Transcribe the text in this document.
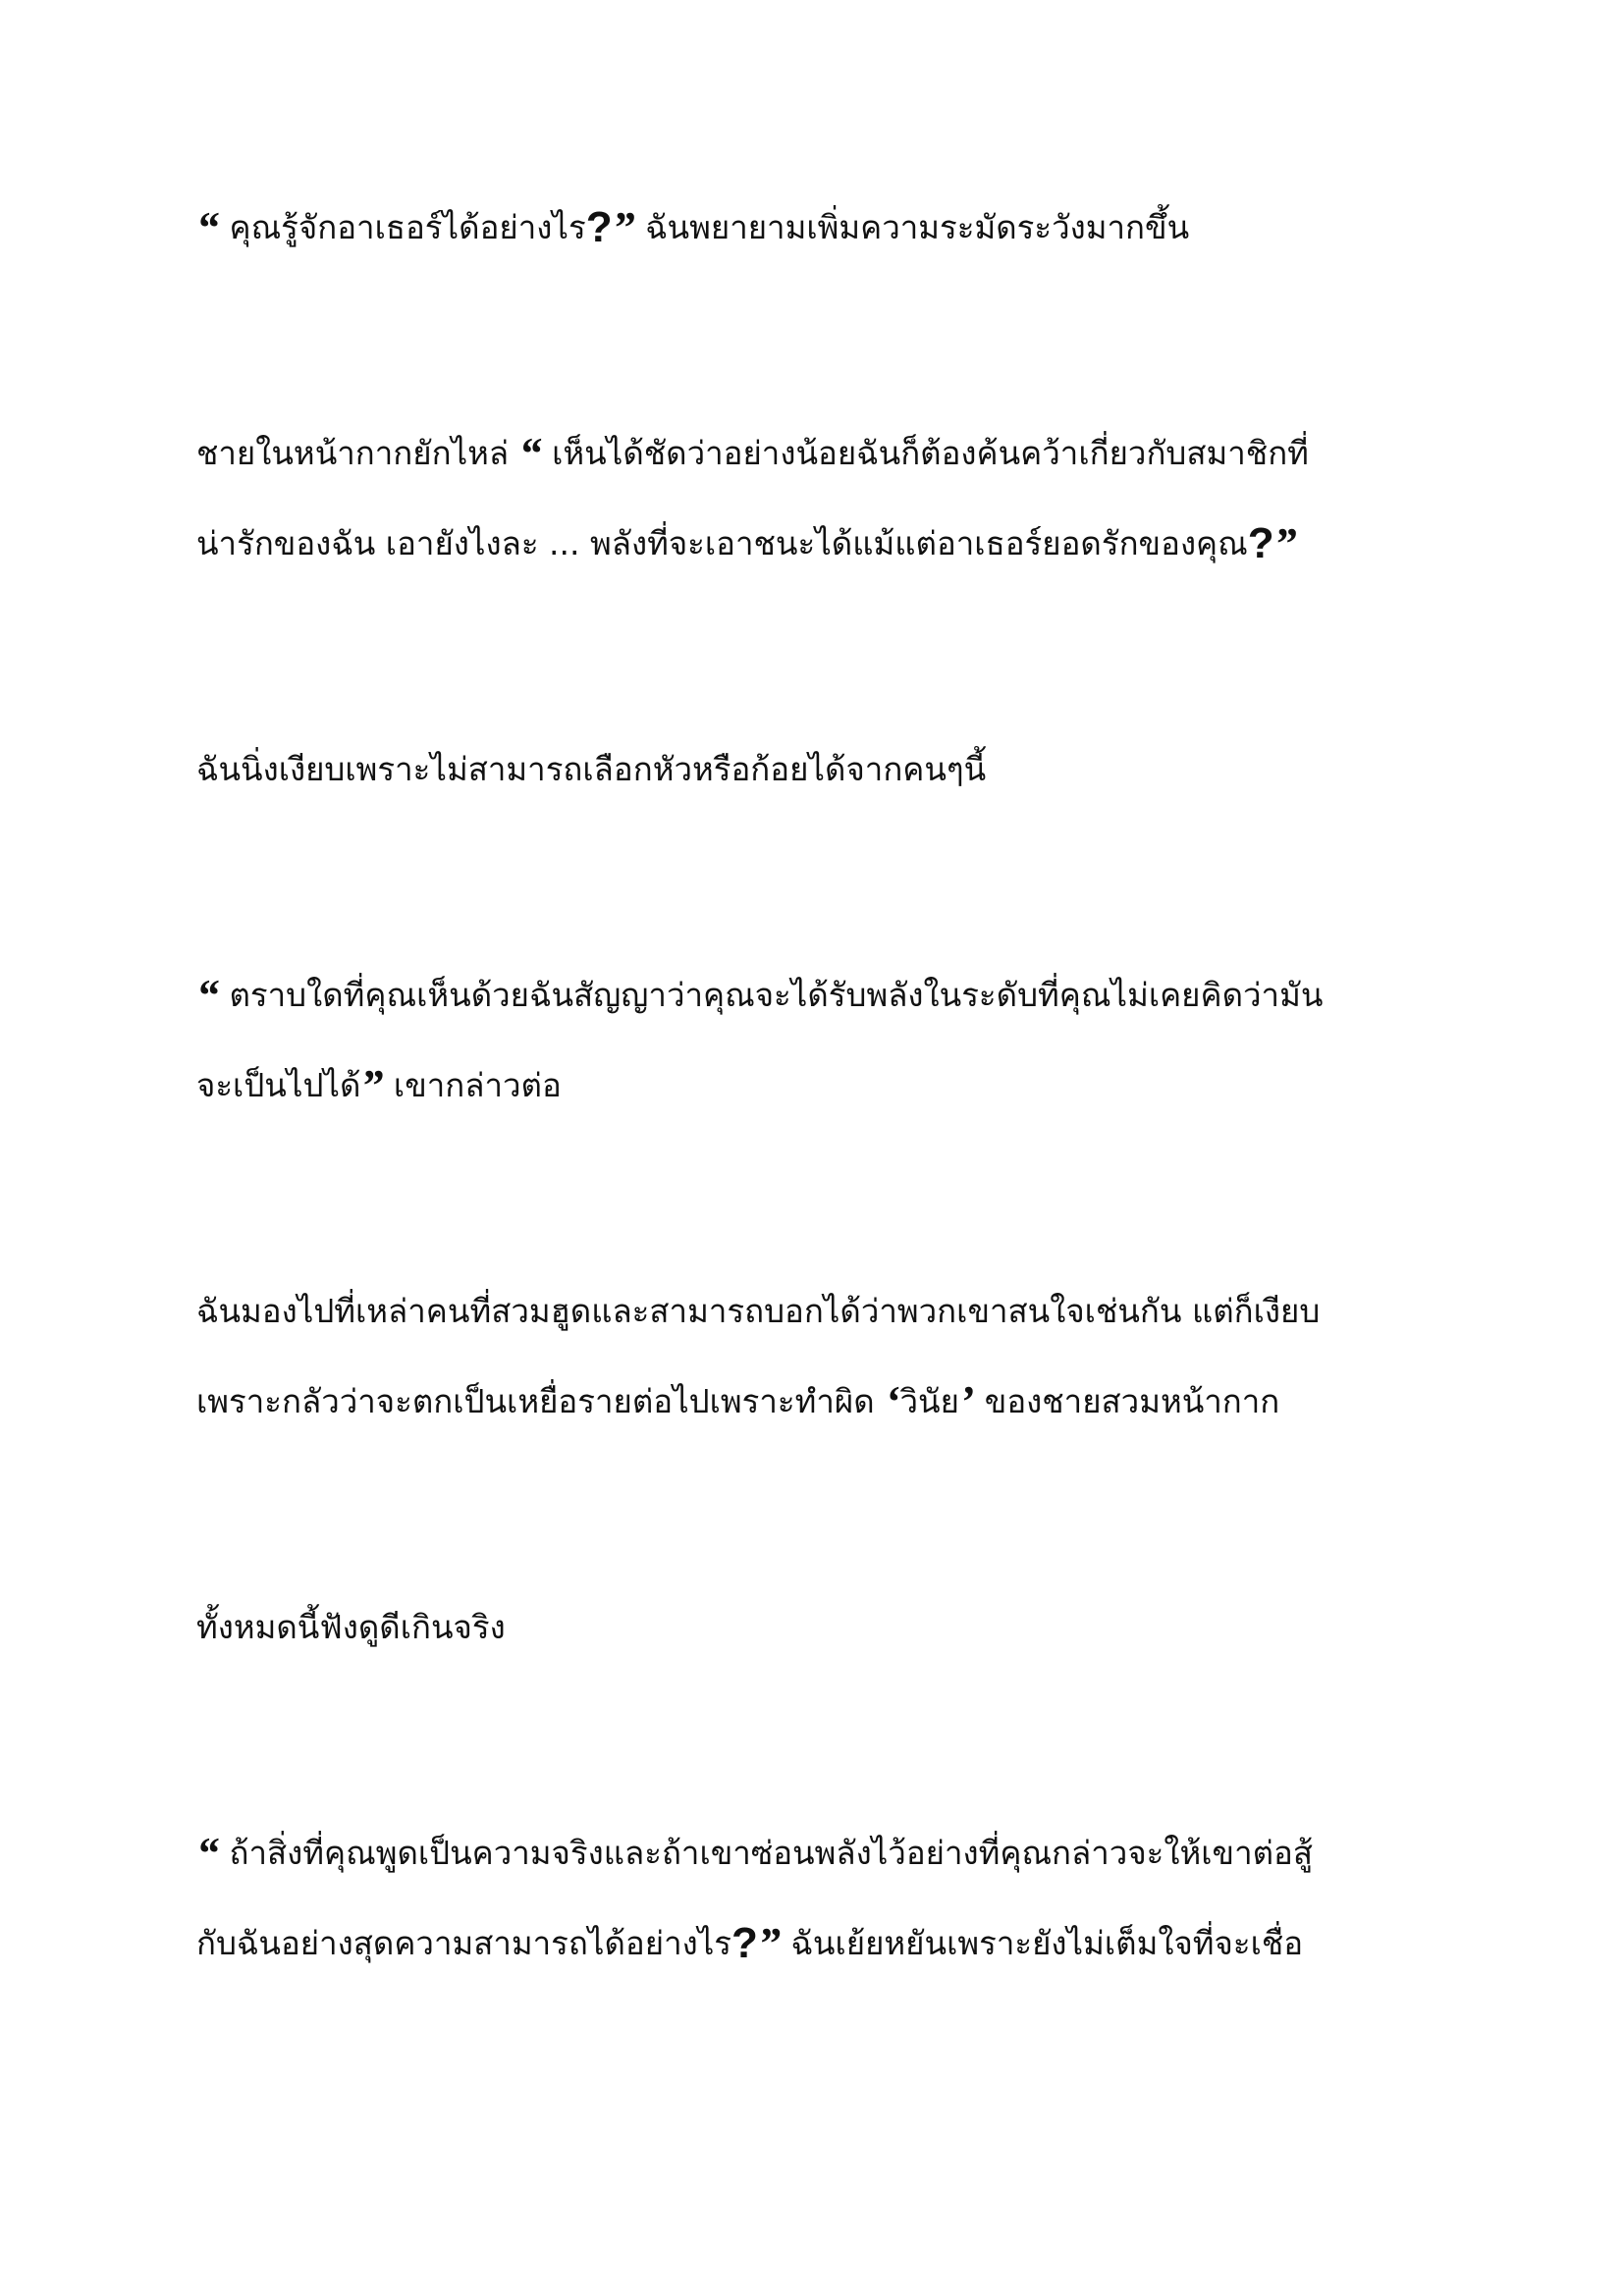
“ คุณรู้จักอาเธอร์ได้อย่างไร?” ฉันพยายามเพิ่มความระมัดระวังมากขึ้น
ชายในหน้ากากยักไหล่ “ เห็นได้ชัดว่าอย่างน้อยฉันก็ต้องค้นคว้าเกี่ยวกับสมาชิกที่
น่ารักของฉัน เอายังไงละ ... พลังที่จะเอาชนะได้แม้แต่อาเธอร์ยอดรักของคุณ?”
ฉันนิ่งเงียบเพราะไม่สามารถเลือกหัวหรือก้อยได้จากคนๆนี้
“ ตราบใดที่คุณเห็นด้วยฉันสัญญาว่าคุณจะได้รับพลังในระดับที่คุณไม่เคยคิดว่ามัน
จะเป็นไปได้” เขากล่าวต่อ
ฉันมองไปที่เหล่าคนที่สวมฮูดและสามารถบอกได้ว่าพวกเขาสนใจเช่นกัน แต่ก็เงียบ
เพราะกลัวว่าจะตกเป็นเหยื่อรายต่อไปเพราะทำผิด ‘วินัย’ ของชายสวมหน้ากาก
ทั้งหมดนี้ฟังดูดีเกินจริง
“ ถ้าสิ่งที่คุณพูดเป็นความจริงและถ้าเขาซ่อนพลังไว้อย่างที่คุณกล่าวจะให้เขาต่อสู้
กับฉันอย่างสุดความสามารถได้อย่างไร?” ฉันเย้ยหยันเพราะยังไม่เต็มใจที่จะเชื่อ
